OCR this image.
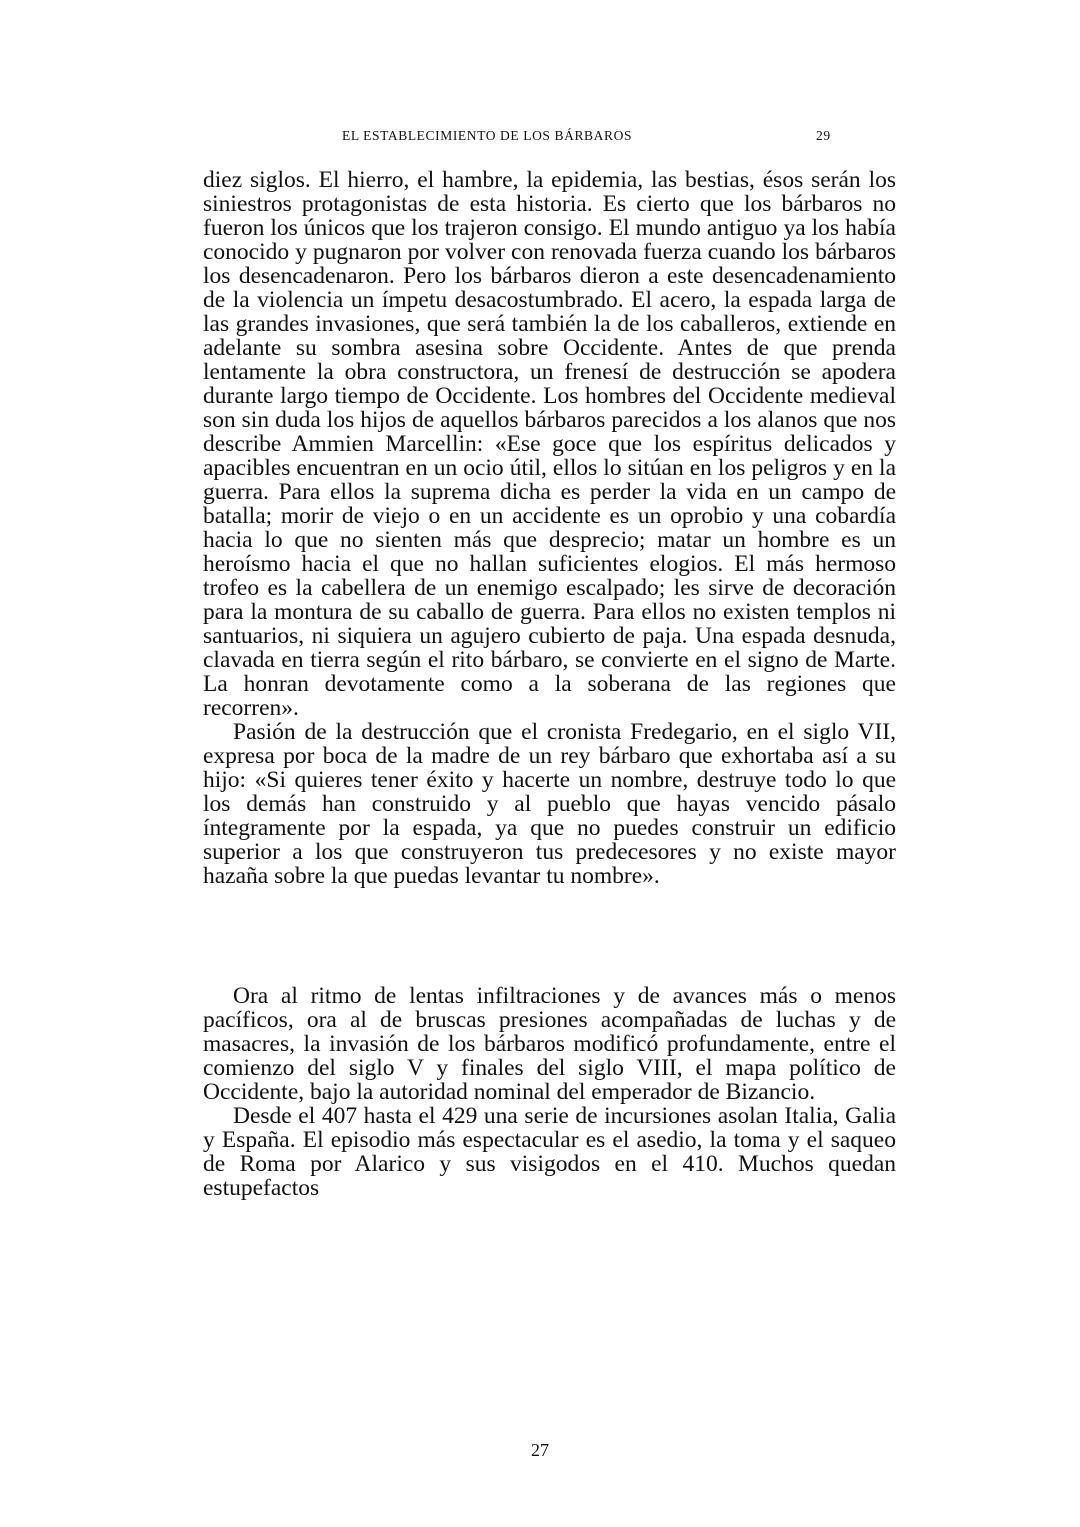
EL ESTABLECIMIENTO DE LOS BÁRBAROS	29

diez siglos. El hierro, el hambre, la epidemia, las bestias, ésos serán los siniestros protagonistas de esta historia. Es cierto que los bárbaros no fueron los únicos que los trajeron consigo. El mundo antiguo ya los había conocido y pugnaron por volver con renovada fuerza cuando los bárbaros los desencadenaron. Pero los bárbaros dieron a este desencadenamiento de la violencia un ímpetu desacostumbrado. El acero, la espada larga de las grandes invasiones, que será también la de los caballeros, extiende en adelante su sombra asesina sobre Occidente. Antes de que prenda lentamente la obra constructora, un frenesí de destrucción se apodera durante largo tiempo de Occidente. Los hombres del Occidente medieval son sin duda los hijos de aquellos bárbaros parecidos a los alanos que nos describe Ammien Marcellin: «Ese goce que los espíritus delicados y apacibles encuentran en un ocio útil, ellos lo sitúan en los peligros y en la guerra. Para ellos la suprema dicha es perder la vida en un campo de batalla; morir de viejo o en un accidente es un oprobio y una cobardía hacia lo que no sienten más que desprecio; matar un hombre es un heroísmo hacia el que no hallan suficientes elogios. El más hermoso trofeo es la cabellera de un enemigo escalpado; les sirve de decoración para la montura de su caballo de guerra. Para ellos no existen templos ni santuarios, ni siquiera un agujero cubierto de paja. Una espada desnuda, clavada en tierra según el rito bárbaro, se convierte en el signo de Marte. La honran devotamente como a la soberana de las regiones que recorren».

Pasión de la destrucción que el cronista Fredegario, en el siglo VII, expresa por boca de la madre de un rey bárbaro que exhortaba así a su hijo: «Si quieres tener éxito y hacerte un nombre, destruye todo lo que los demás han construido y al pueblo que hayas vencido pásalo íntegramente por la espada, ya que no puedes construir un edificio superior a los que construyeron tus predecesores y no existe mayor hazaña sobre la que puedas levantar tu nombre».

Ora al ritmo de lentas infiltraciones y de avances más o menos pacíficos, ora al de bruscas presiones acompañadas de luchas y de masacres, la invasión de los bárbaros modificó profundamente, entre el comienzo del siglo V y finales del siglo VIII, el mapa político de Occidente, bajo la autoridad nominal del emperador de Bizancio.

Desde el 407 hasta el 429 una serie de incursiones asolan Italia, Galia y España. El episodio más espectacular es el asedio, la toma y el saqueo de Roma por Alarico y sus visigodos en el 410. Muchos quedan estupefactos

27
